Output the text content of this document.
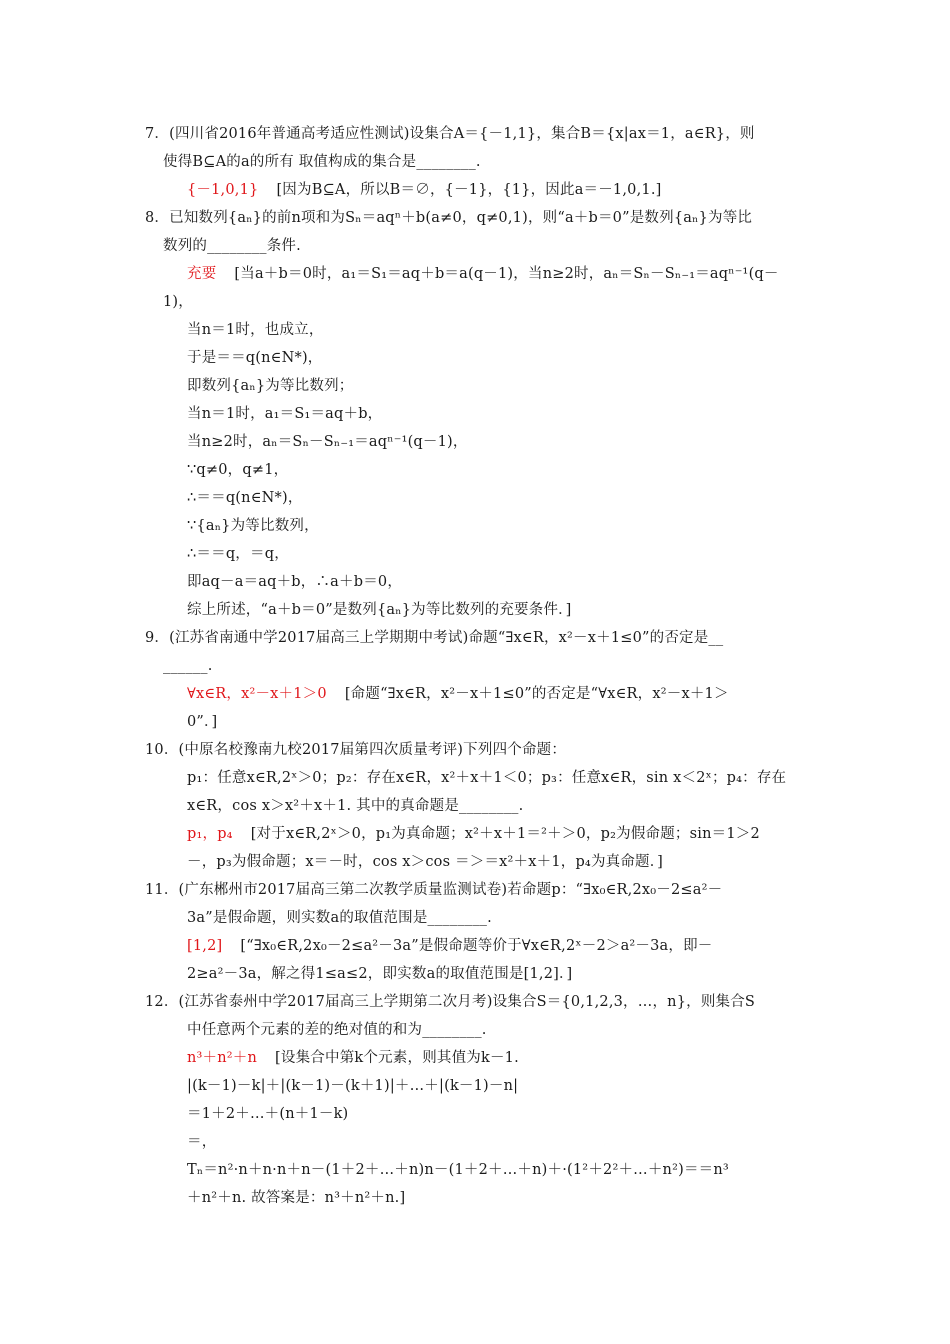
7．(四川省2016年普通高考适应性测试)设集合A＝{－1,1}，集合B＝{x|ax＝1，a∈R}，则
使得B⊆A的a的所有 取值构成的集合是________.
{－1,0,1} [因为B⊆A，所以B＝∅，{－1}，{1}，因此a＝－1,0,1.]
8．已知数列{aₙ}的前n项和为Sₙ＝aqⁿ＋b(a≠0，q≠0,1)，则“a＋b＝0”是数列{aₙ}为等比
数列的________条件.
充要 [当a＋b＝0时，a₁＝S₁＝aq＋b＝a(q－1)，当n≥2时，aₙ＝Sₙ－Sₙ₋₁＝aqⁿ⁻¹(q－
1)，
当n＝1时，也成立，
于是＝＝q(n∈N*)，
即数列{aₙ}为等比数列；
当n＝1时，a₁＝S₁＝aq＋b，
当n≥2时，aₙ＝Sₙ－Sₙ₋₁＝aqⁿ⁻¹(q－1)，
∵q≠0，q≠1，
∴＝＝q(n∈N*)，
∵{aₙ}为等比数列，
∴＝＝q，＝q，
即aq－a＝aq＋b，∴a＋b＝0，
综上所述，“a＋b＝0”是数列{aₙ}为等比数列的充要条件．]
9．(江苏省南通中学2017届高三上学期期中考试)命题“∃x∈R，x²－x＋1≤0”的否定是__
______.
∀x∈R，x²－x＋1＞0 [命题“∃x∈R，x²－x＋1≤0”的否定是“∀x∈R，x²－x＋1＞
0”．]
10．(中原名校豫南九校2017届第四次质量考评)下列四个命题：
p₁：任意x∈R,2ˣ＞0；p₂：存在x∈R，x²＋x＋1＜0；p₃：任意x∈R，sin x＜2ˣ；p₄：存在
x∈R，cos x＞x²＋x＋1. 其中的真命题是________.
p₁，p₄ [对于x∈R,2ˣ＞0，p₁为真命题；x²＋x＋1＝²＋＞0，p₂为假命题；sin＝1＞2
－，p₃为假命题；x＝－时，cos x＞cos ＝＞＝x²＋x＋1，p₄为真命题．]
11．(广东郴州市2017届高三第二次教学质量监测试卷)若命题p：“∃x₀∈R,2x₀－2≤a²－
3a”是假命题，则实数a的取值范围是________.
[1,2] [“∃x₀∈R,2x₀－2≤a²－3a”是假命题等价于∀x∈R,2ˣ－2＞a²－3a，即－
2≥a²－3a，解之得1≤a≤2，即实数a的取值范围是[1,2]．]
12．(江苏省泰州中学2017届高三上学期第二次月考)设集合S＝{0,1,2,3，…，n}，则集合S
中任意两个元素的差的绝对值的和为________.
n³＋n²＋n [设集合中第k个元素，则其值为k－1.
|(k－1)－k|＋|(k－1)－(k＋1)|＋…＋|(k－1)－n|
＝1＋2＋…＋(n＋1－k)
＝，
Tₙ＝n²·n＋n·n＋n－(1＋2＋…＋n)n－(1＋2＋…＋n)＋·(1²＋2²＋…＋n²)＝＝n³
＋n²＋n. 故答案是：n³＋n²＋n.]
